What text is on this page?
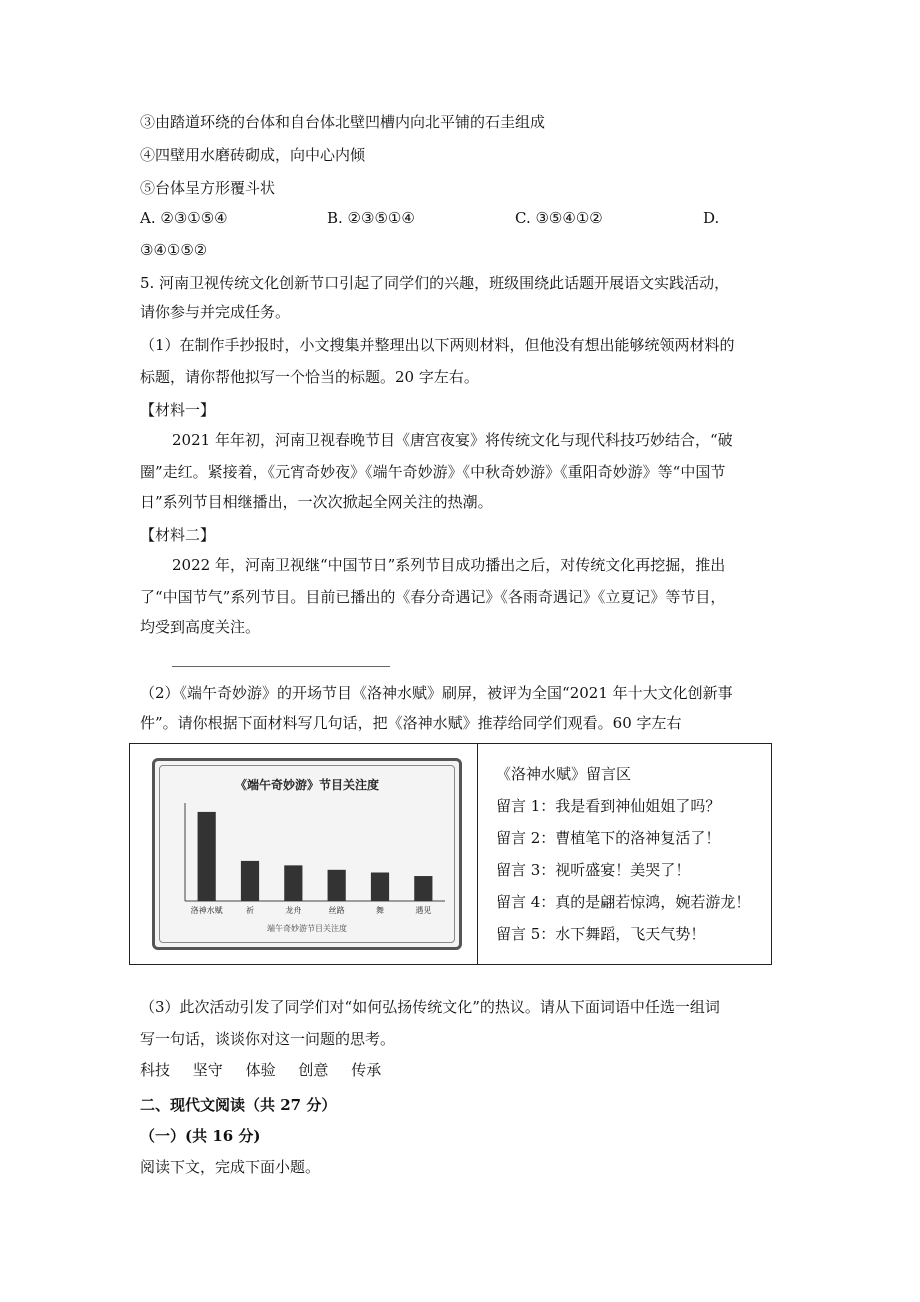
③由踏道环绕的台体和自台体北壁凹槽内向北平铺的石圭组成
④四壁用水磨砖砌成，向中心内倾
⑤台体呈方形覆斗状
A. ②③①⑤④	B. ②③⑤①④	C. ③⑤④①②	D.
③④①⑤②
5. 河南卫视传统文化创新节口引起了同学们的兴趣，班级围绕此话题开展语文实践活动，
请你参与并完成任务。
（1）在制作手抄报时，小文搜集并整理出以下两则材料，但他没有想出能够统领两材料的
标题，请你帮他拟写一个恰当的标题。20 字左右。
【材料一】
2021 年年初，河南卫视春晚节目《唐宫夜宴》将传统文化与现代科技巧妙结合，“破
圈”走红。紧接着，《元宵奇妙夜》《端午奇妙游》《中秋奇妙游》《重阳奇妙游》等“中国节
日”系列节目相继播出，一次次掀起全网关注的热潮。
【材料二】
2022 年，河南卫视继“中国节日”系列节目成功播出之后，对传统文化再挖掘，推出
了“中国节气”系列节目。目前已播出的《春分奇遇记》《各雨奇遇记》《立夏记》等节目，
均受到高度关注。
（2）《端午奇妙游》的开场节目《洛神水赋》刷屏，被评为全国“2021 年十大文化创新事
件”。请你根据下面材料写几句话，把《洛神水赋》推荐给同学们观看。60 字左右
《端午奇妙游》节目关注度
洛神水赋	祈	龙舟	丝路	舞	遇见
端午奇妙游节目关注度
《洛神水赋》留言区
留言 1：我是看到神仙姐姐了吗？
留言 2：曹植笔下的洛神复活了！
留言 3：视听盛宴！美哭了！
留言 4：真的是翩若惊鸿，婉若游龙！
留言 5：水下舞蹈，飞天气势！
（3）此次活动引发了同学们对“如何弘扬传统文化”的热议。请从下面词语中任选一组词
写一句话，谈谈你对这一问题的思考。
科技 坚守 体验 创意 传承
二、现代文阅读（共 27 分）
（一）(共 16 分)
阅读下文，完成下面小题。
